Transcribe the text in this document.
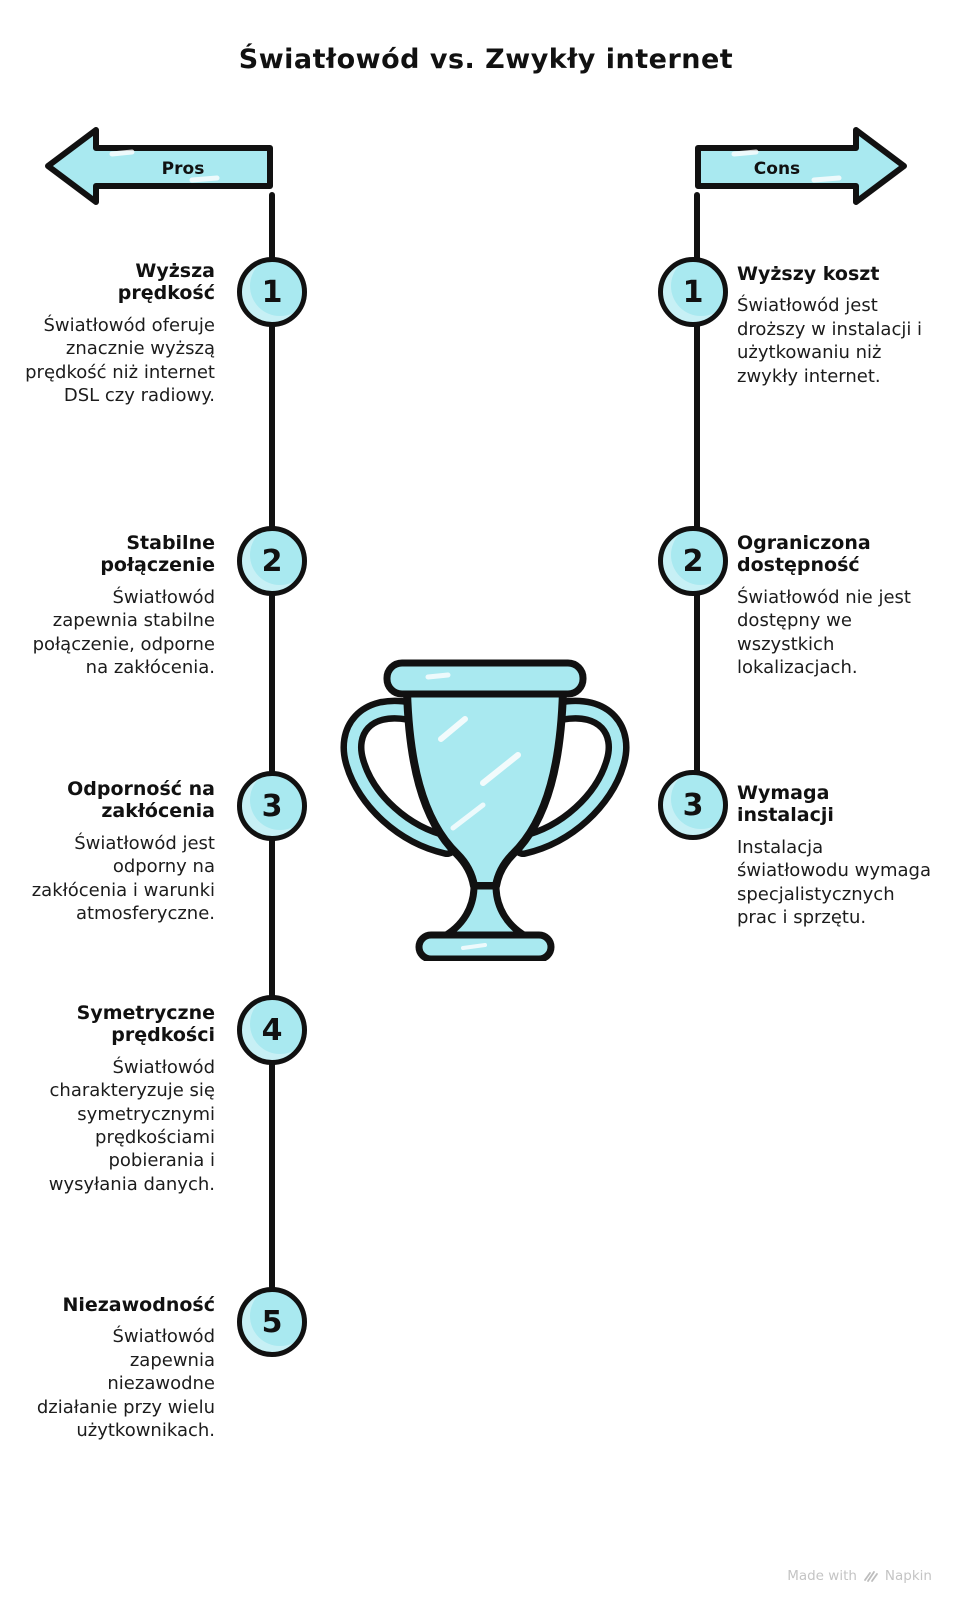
Światłowód vs. Zwykły internet
Pros	Cons
1
2
3
4
5
1
2
3
Wyższa prędkość
Światłowód oferuje znacznie wyższą prędkość niż internet DSL czy radiowy.
Stabilne połączenie
Światłowód zapewnia stabilne połączenie, odporne na zakłócenia.
Odporność na zakłócenia
Światłowód jest odporny na zakłócenia i warunki atmosferyczne.
Symetryczne prędkości
Światłowód charakteryzuje się symetrycznymi prędkościami pobierania i wysyłania danych.
Niezawodność
Światłowód zapewnia niezawodne działanie przy wielu użytkownikach.
Wyższy koszt
Światłowód jest droższy w instalacji i użytkowaniu niż zwykły internet.
Ograniczona dostępność
Światłowód nie jest dostępny we wszystkich lokalizacjach.
Wymaga instalacji
Instalacja światłowodu wymaga specjalistycznych prac i sprzętu.
Made with Napkin
